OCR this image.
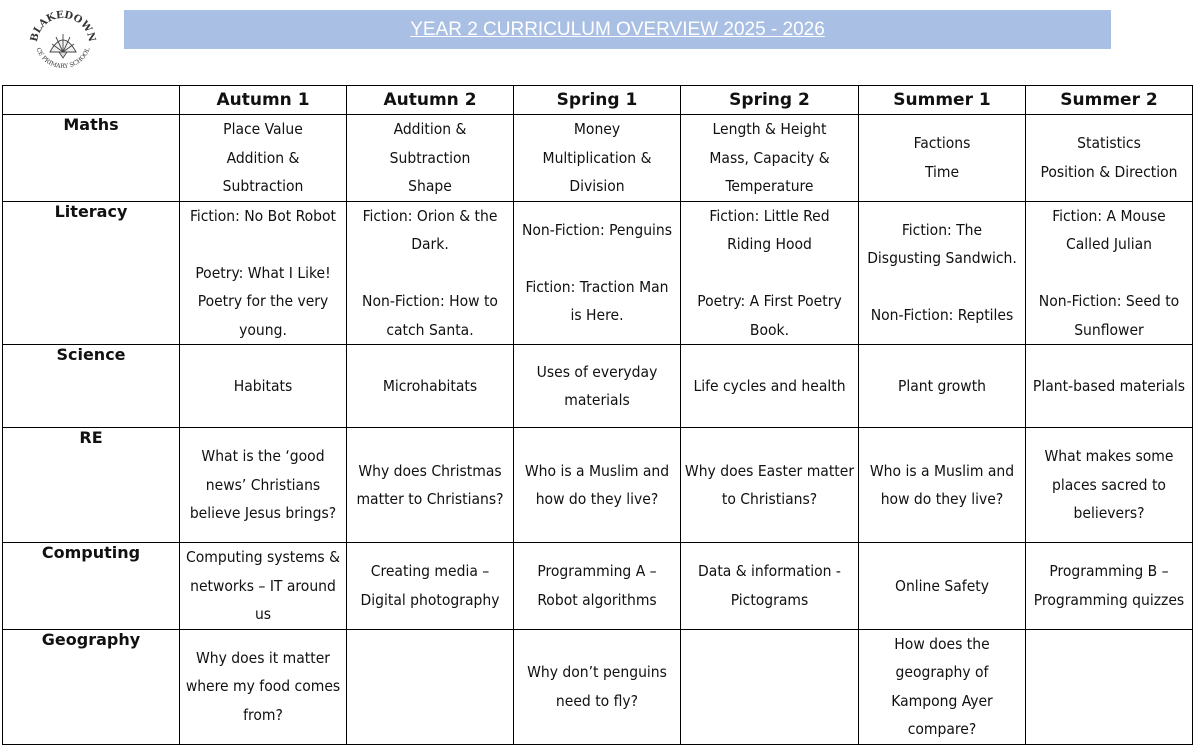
BLAKEDOWN
CE PRIMARY SCHOOL
YEAR 2 CURRICULUM OVERVIEW 2025 - 2026
	Autumn 1	Autumn 2	Spring 1	Spring 2	Summer 1	Summer 2
Maths	Place Value
Addition &
Subtraction	Addition &
Subtraction
Shape	Money
Multiplication &
Division	Length & Height
Mass, Capacity &
Temperature	Factions
Time	Statistics
Position & Direction
Literacy	Fiction: No Bot Robot

Poetry: What I Like!
Poetry for the very
young.	Fiction: Orion & the
Dark.

Non-Fiction: How to
catch Santa.	Non-Fiction: Penguins

Fiction: Traction Man
is Here.	Fiction: Little Red
Riding Hood

Poetry: A First Poetry
Book.	Fiction: The
Disgusting Sandwich.

Non-Fiction: Reptiles	Fiction: A Mouse
Called Julian

Non-Fiction: Seed to
Sunflower
Science	Habitats	Microhabitats	Uses of everyday
materials	Life cycles and health	Plant growth	Plant-based materials
RE	What is the ‘good
news’ Christians
believe Jesus brings?	Why does Christmas
matter to Christians?	Who is a Muslim and
how do they live?	Why does Easter matter
to Christians?	Who is a Muslim and
how do they live?	What makes some
places sacred to
believers?
Computing	Computing systems &
networks – IT around
us	Creating media –
Digital photography	Programming A –
Robot algorithms	Data & information -
Pictograms	Online Safety	Programming B –
Programming quizzes
Geography	Why does it matter
where my food comes
from?		Why don’t penguins
need to fly?		How does the
geography of
Kampong Ayer
compare?	
